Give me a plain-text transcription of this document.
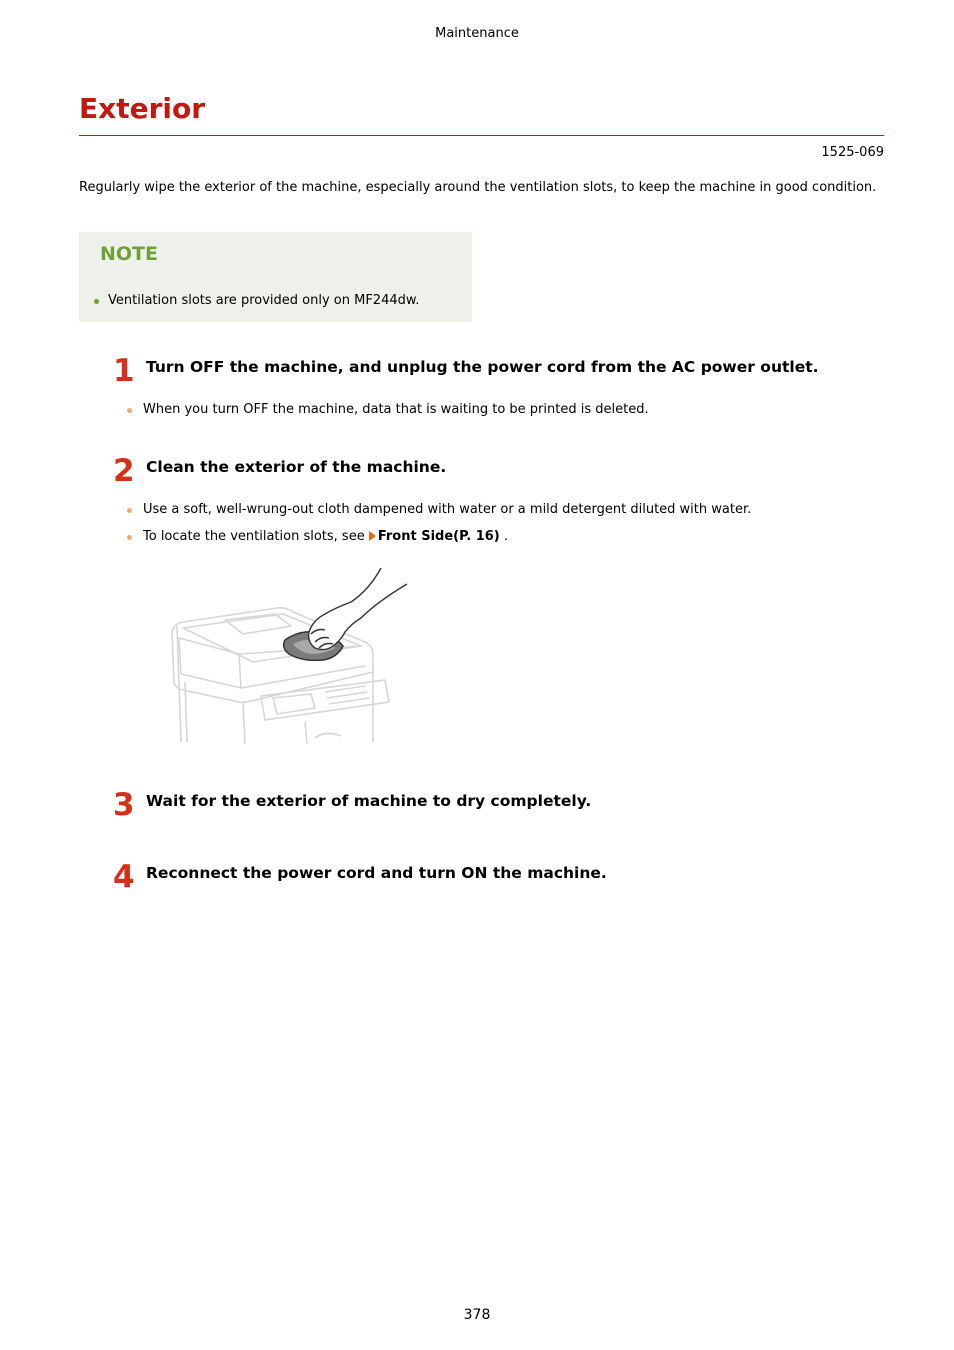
Maintenance
Exterior
1525-069
Regularly wipe the exterior of the machine, especially around the ventilation slots, to keep the machine in good condition.
NOTE
Ventilation slots are provided only on MF244dw.
1 Turn OFF the machine, and unplug the power cord from the AC power outlet.
When you turn OFF the machine, data that is waiting to be printed is deleted.
2 Clean the exterior of the machine.
Use a soft, well-wrung-out cloth dampened with water or a mild detergent diluted with water.
To locate the ventilation slots, see Front Side(P. 16) .
3 Wait for the exterior of machine to dry completely.
4 Reconnect the power cord and turn ON the machine.
378
